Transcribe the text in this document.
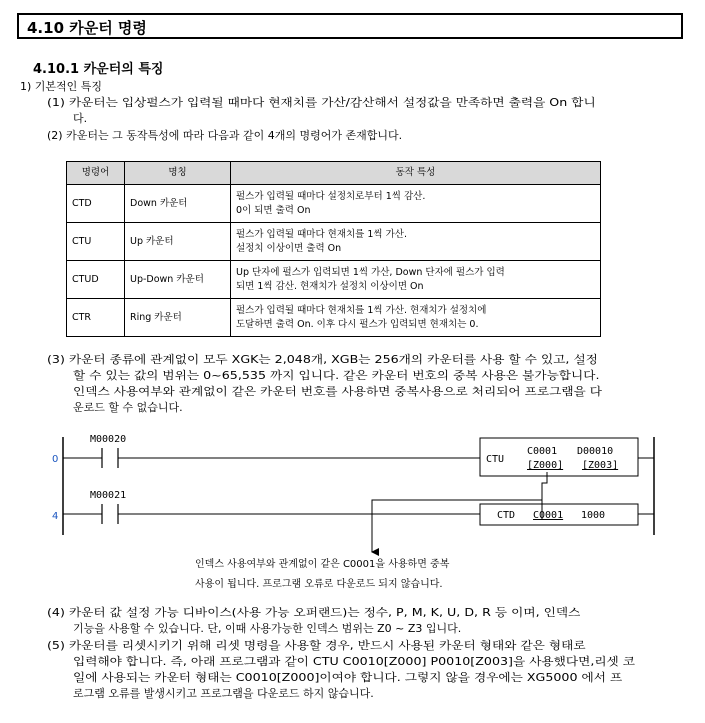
4.10 카운터 명령
4.10.1 카운터의 특징
1) 기본적인 특징
(1) 카운터는 입상펄스가 입력될 때마다 현재치를 가산/감산해서 설정값을 만족하면 출력을 On 합니
다.
(2) 카운터는 그 동작특성에 따라 다음과 같이 4개의 명령어가 존재합니다.
명령어	명칭	동작 특성
CTD	Down 카운터	펄스가 입력될 때마다 설정치로부터 1씩 감산.
0이 되면 출력 On

CTU	Up 카운터	펄스가 입력될 때마다 현재치를 1씩 가산.
설정치 이상이면 출력 On

CTUD	Up-Down 카운터	Up 단자에 펄스가 입력되면 1씩 가산, Down 단자에 펄스가 입력
되면 1씩 감산. 현재치가 설정치 이상이면 On

CTR	Ring 카운터	펄스가 입력될 때마다 현재치를 1씩 가산. 현재치가 설정치에
도달하면 출력 On. 이후 다시 펄스가 입력되면 현재치는 0.
(3) 카운터 종류에 관계없이 모두 XGK는 2,048개, XGB는 256개의 카운터를 사용 할 수 있고, 설정
할 수 있는 값의 범위는 0~65,535 까지 입니다. 같은 카운터 번호의 중복 사용은 불가능합니다.
인덱스 사용여부와 관계없이 같은 카운터 번호를 사용하면 중복사용으로 처리되어 프로그램을 다
운로드 할 수 없습니다.
0
4
M00020
CTU
C0001 D00010
[Z000] [Z003]
M00021
CTD C0001 1000
인덱스 사용여부와 관계없이 같은 C0001을 사용하면 중복
사용이 됩니다. 프로그램 오류로 다운로드 되지 않습니다.
(4) 카운터 값 설정 가능 디바이스(사용 가능 오퍼랜드)는 정수, P, M, K, U, D, R 등 이며, 인덱스
기능을 사용할 수 있습니다. 단, 이때 사용가능한 인덱스 범위는 Z0 ~ Z3 입니다.
(5) 카운터를 리셋시키기 위해 리셋 명령을 사용할 경우, 반드시 사용된 카운터 형태와 같은 형태로
입력해야 합니다. 즉, 아래 프로그램과 같이 CTU C0010[Z000] P0010[Z003]을 사용했다면,리셋 코
일에 사용되는 카운터 형태는 C0010[Z000]이여야 합니다. 그렇지 않을 경우에는 XG5000 에서 프
로그램 오류를 발생시키고 프로그램을 다운로드 하지 않습니다.
